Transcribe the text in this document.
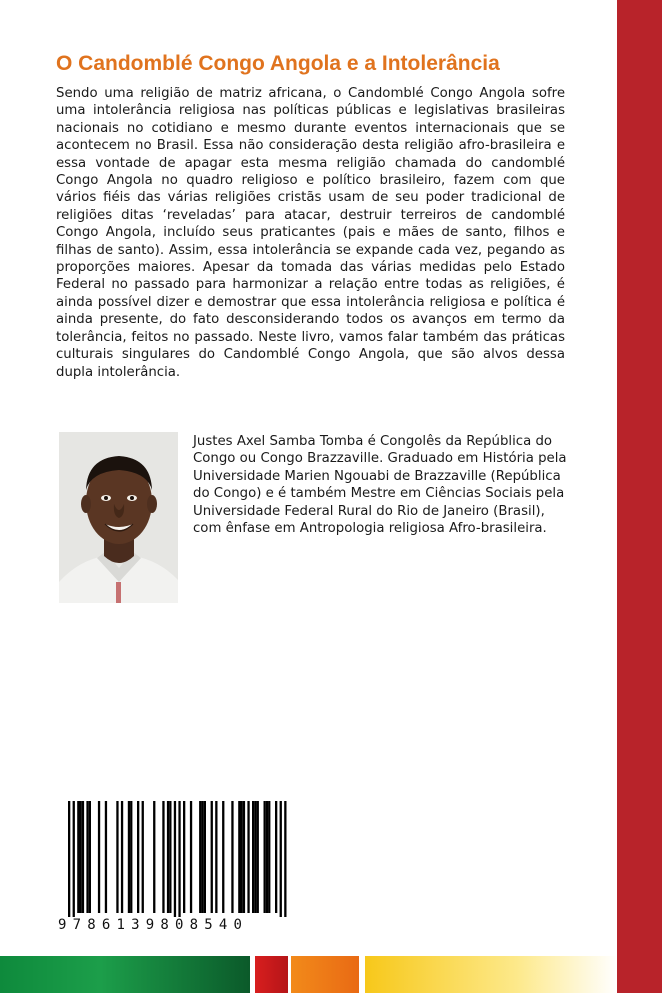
O Candomblé Congo Angola e a Intolerância

Sendo uma religião de matriz africana, o Candomblé Congo Angola sofre uma intolerância religiosa nas políticas públicas e legislativas brasileiras nacionais no cotidiano e mesmo durante eventos internacionais que se acontecem no Brasil. Essa não consideração desta religião afro-brasileira e essa vontade de apagar esta mesma religião chamada do candomblé Congo Angola no quadro religioso e político brasileiro, fazem com que vários fiéis das várias religiões cristãs usam de seu poder tradicional de religiões ditas ‘reveladas’ para atacar, destruir terreiros de candomblé Congo Angola, incluído seus praticantes (pais e mães de santo, filhos e filhas de santo). Assim, essa intolerância se expande cada vez, pegando as proporções maiores. Apesar da tomada das várias medidas pelo Estado Federal no passado para harmonizar a relação entre todas as religiões, é ainda possível dizer e demostrar que essa intolerância religiosa e política é ainda presente, do fato desconsiderando todos os avanços em termo da tolerância, feitos no passado. Neste livro, vamos falar também das práticas culturais singulares do Candomblé Congo Angola, que são alvos dessa dupla intolerância.

Justes Axel Samba Tomba é Congolês da República do Congo ou Congo Brazzaville. Graduado em História pela Universidade Marien Ngouabi de Brazzaville (República do Congo) e é também Mestre em Ciências Sociais pela Universidade Federal Rural do Rio de Janeiro (Brasil), com ênfase em Antropologia religiosa Afro-brasileira.

9786139808540
